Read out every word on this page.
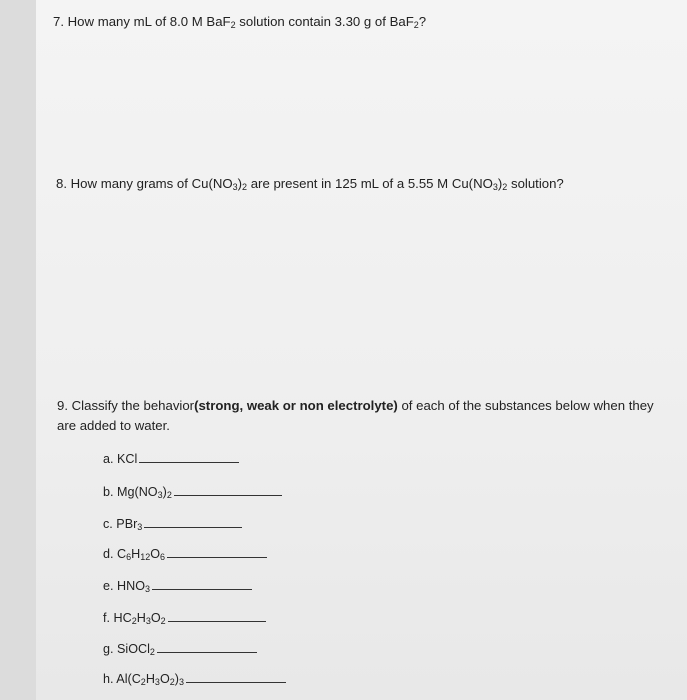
7. How many mL of 8.0 M BaF$_2$ solution contain 3.30 g of BaF$_2$?

8. How many grams of $Cu(NO_3)_2$ are present in 125 mL of a 5.55 M $Cu(NO_3)_2$ solution?

9. Classify the behavior(strong, weak or non electrolyte) of each of the substances below when they are added to water.

a. KCl
b. $Mg(NO_3)_2$
c. PBr$_3$
d. $C_6H_{12}O_6$
e. $HNO_3$
f. $HC_2H_3O_2$
g. SiOCl$_2$
h. $Al(C_2H_3O_2)_3$
